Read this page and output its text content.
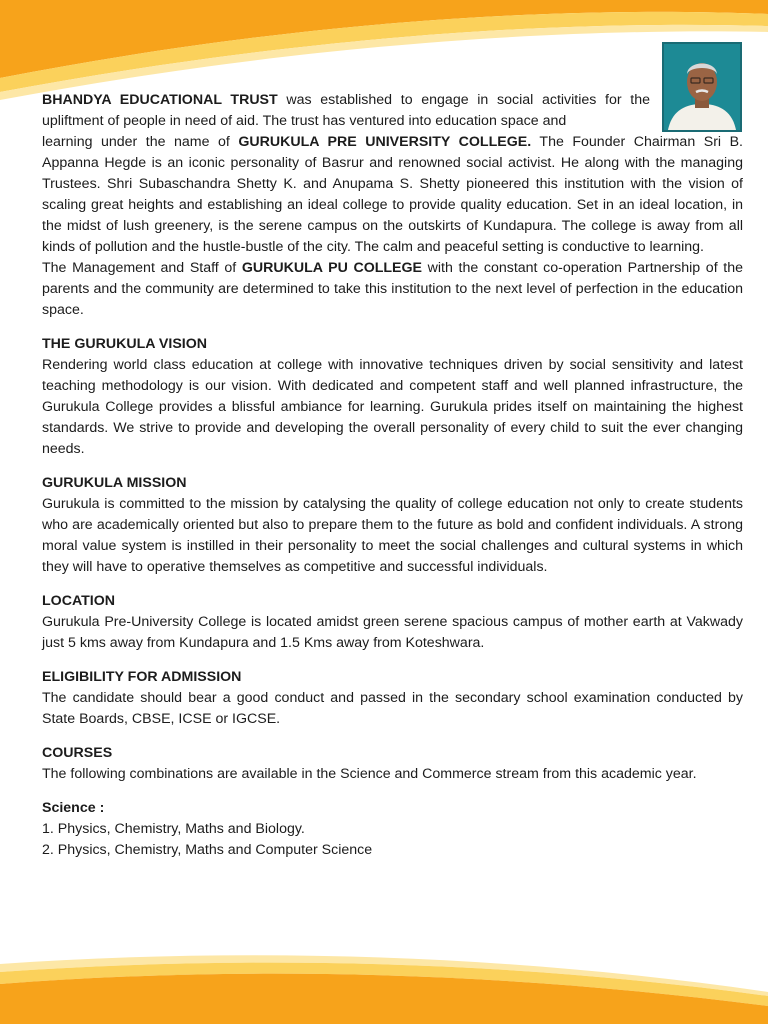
BHANDYA EDUCATIONAL TRUST was established to engage in social activities for the upliftment of people in need of aid. The trust has ventured into education space and

learning under the name of GURUKULA PRE UNIVERSITY COLLEGE. The Founder Chairman Sri B. Appanna Hegde is an iconic personality of Basrur and renowned social activist. He along with the managing Trustees. Shri Subaschandra Shetty K. and Anupama S. Shetty pioneered this institution with the vision of scaling great heights and establishing an ideal college to provide quality education. Set in an ideal location, in the midst of lush greenery, is the serene campus on the outskirts of Kundapura. The college is away from all kinds of pollution and the hustle-bustle of the city. The calm and peaceful setting is conductive to learning.

The Management and Staff of GURUKULA PU COLLEGE with the constant co-operation Partnership of the parents and the community are determined to take this institution to the next level of perfection in the education space.

THE GURUKULA VISION

Rendering world class education at college with innovative techniques driven by social sensitivity and latest teaching methodology is our vision. With dedicated and competent staff and well planned infrastructure, the Gurukula College provides a blissful ambiance for learning. Gurukula prides itself on maintaining the highest standards. We strive to provide and developing the overall personality of every child to suit the ever changing needs.

GURUKULA MISSION

Gurukula is committed to the mission by catalysing the quality of college education not only to create students who are academically oriented but also to prepare them to the future as bold and confident individuals. A strong moral value system is instilled in their personality to meet the social challenges and cultural systems in which they will have to operative themselves as competitive and successful individuals.

LOCATION

Gurukula Pre-University College is located amidst green serene spacious campus of mother earth at Vakwady just 5 kms away from Kundapura and 1.5 Kms away from Koteshwara.

ELIGIBILITY FOR ADMISSION

The candidate should bear a good conduct and passed in the secondary school examination conducted by State Boards, CBSE, ICSE or IGCSE.

COURSES

The following combinations are available in the Science and Commerce stream from this academic year.

Science :

1. Physics, Chemistry, Maths and Biology.

2. Physics, Chemistry, Maths and Computer Science
